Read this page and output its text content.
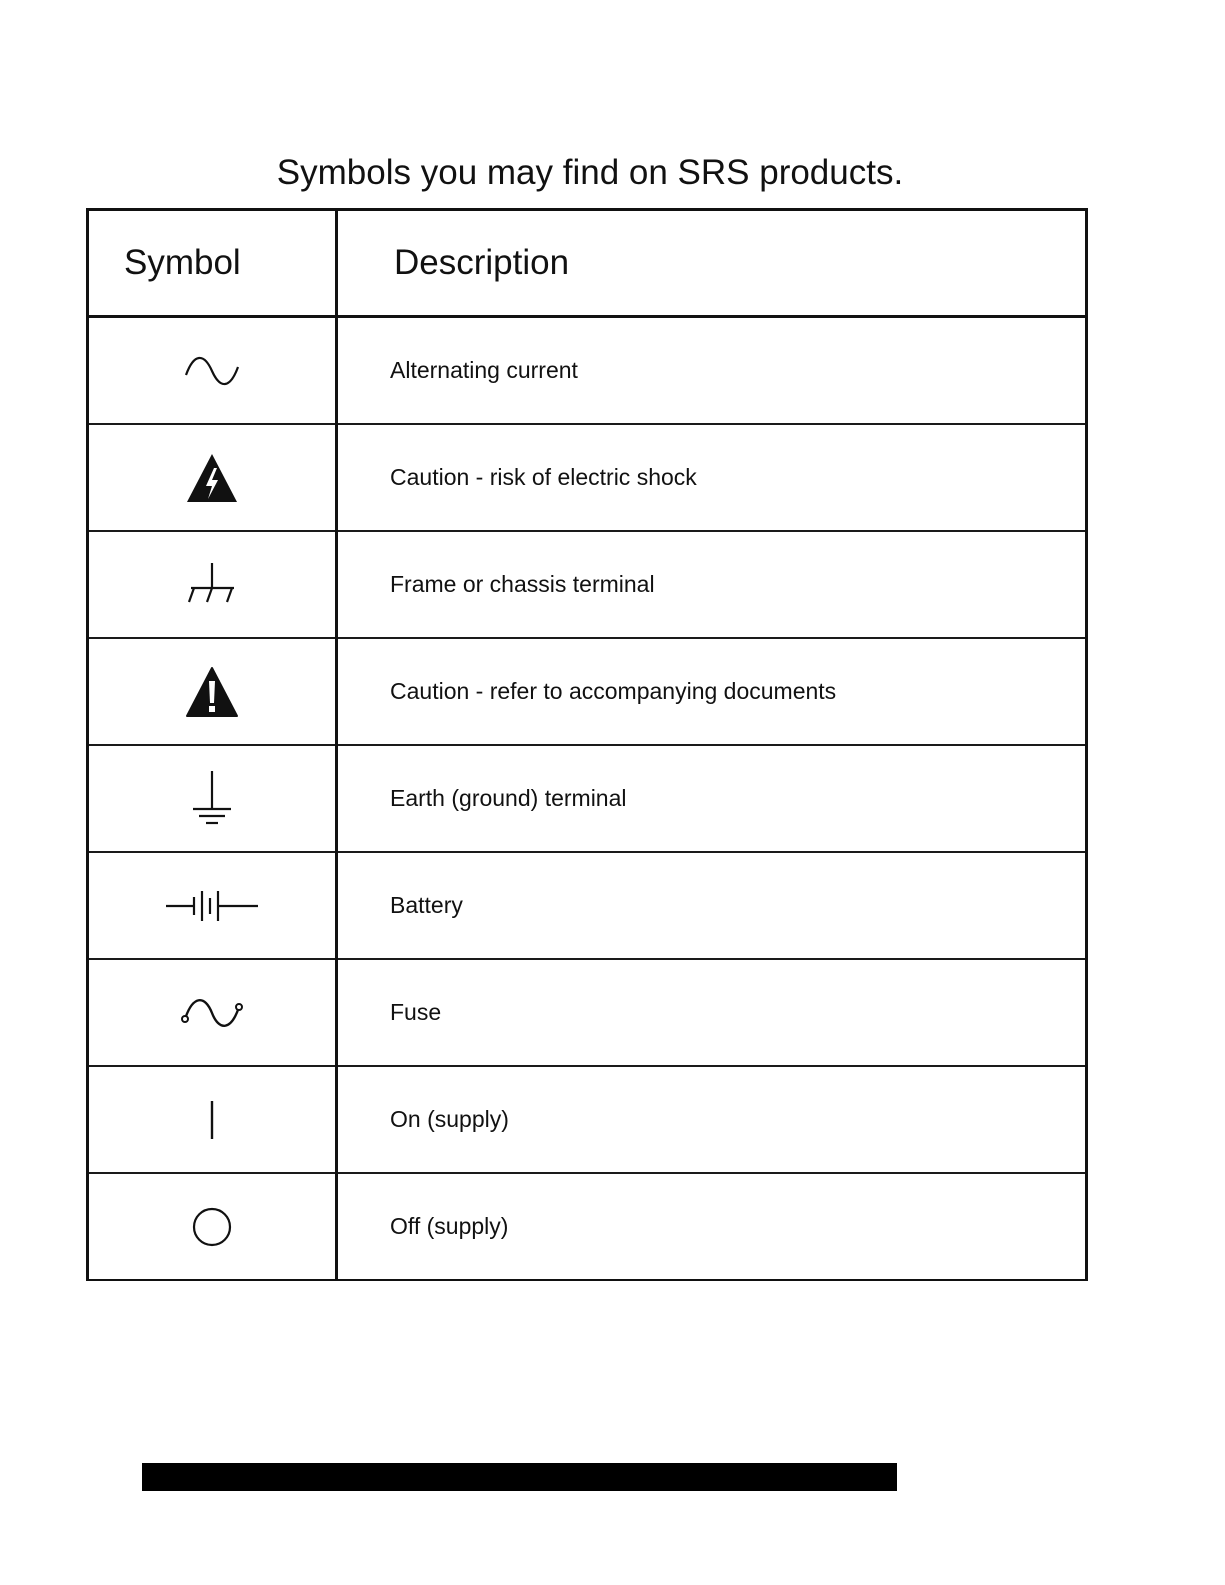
Symbols you may find on SRS products.
Symbol	Description

	Alternating current

	Caution - risk of electric shock

	Frame or chassis terminal

	Caution - refer to accompanying documents

	Earth (ground) terminal

	Battery

	Fuse

	On (supply)

	Off (supply)
